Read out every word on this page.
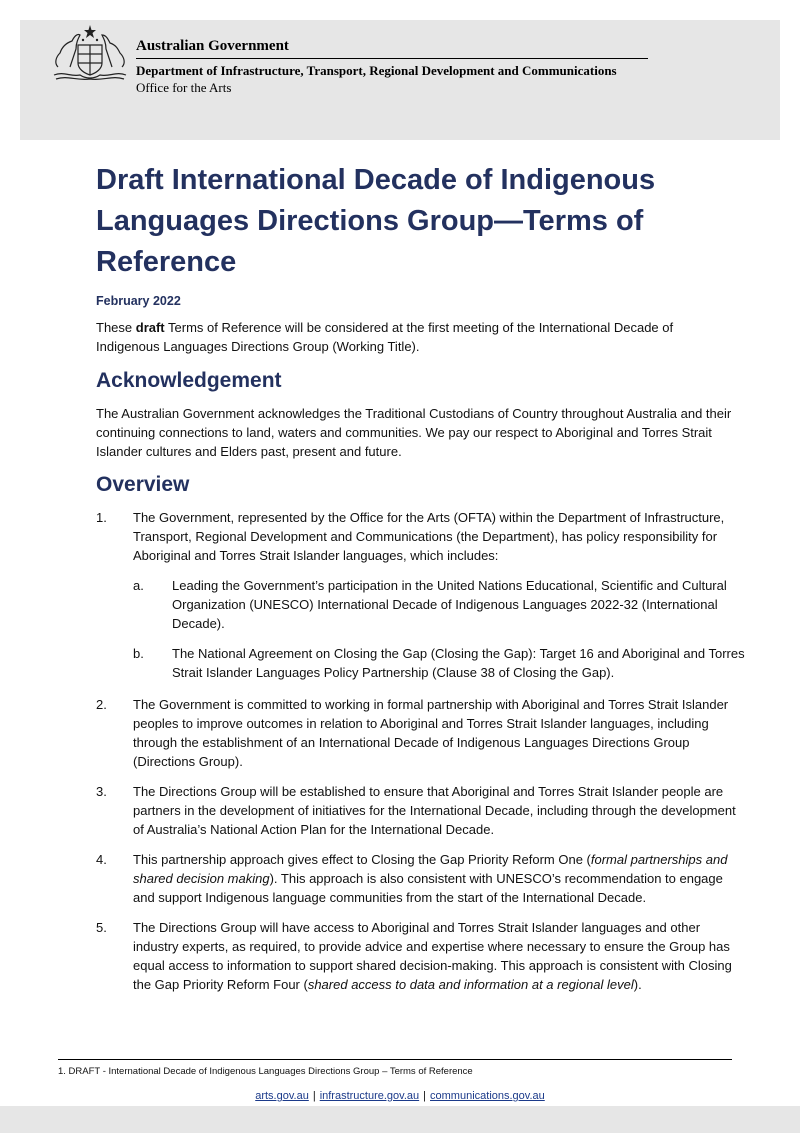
Australian Government
Department of Infrastructure, Transport, Regional Development and Communications
Office for the Arts
Draft International Decade of Indigenous Languages Directions Group—Terms of Reference
February 2022

These draft Terms of Reference will be considered at the first meeting of the International Decade of Indigenous Languages Directions Group (Working Title).

Acknowledgement

The Australian Government acknowledges the Traditional Custodians of Country throughout Australia and their continuing connections to land, waters and communities. We pay our respect to Aboriginal and Torres Strait Islander cultures and Elders past, present and future.

Overview
1.	The Government, represented by the Office for the Arts (OFTA) within the Department of Infrastructure, Transport, Regional Development and Communications (the Department), has policy responsibility for Aboriginal and Torres Strait Islander languages, which includes:
a.	Leading the Government’s participation in the United Nations Educational, Scientific and Cultural Organization (UNESCO) International Decade of Indigenous Languages 2022-32 (International Decade).
b.	The National Agreement on Closing the Gap (Closing the Gap): Target 16 and Aboriginal and Torres Strait Islander Languages Policy Partnership (Clause 38 of Closing the Gap).
2.	The Government is committed to working in formal partnership with Aboriginal and Torres Strait Islander peoples to improve outcomes in relation to Aboriginal and Torres Strait Islander languages, including through the establishment of an International Decade of Indigenous Languages Directions Group (Directions Group).
3.	The Directions Group will be established to ensure that Aboriginal and Torres Strait Islander people are partners in the development of initiatives for the International Decade, including through the development of Australia’s National Action Plan for the International Decade.
4.	This partnership approach gives effect to Closing the Gap Priority Reform One (formal partnerships and shared decision making). This approach is also consistent with UNESCO’s recommendation to engage and support Indigenous language communities from the start of the International Decade.
5.	The Directions Group will have access to Aboriginal and Torres Strait Islander languages and other industry experts, as required, to provide advice and expertise where necessary to ensure the Group has equal access to information to support shared decision-making. This approach is consistent with Closing the Gap Priority Reform Four (shared access to data and information at a regional level).
1. DRAFT - International Decade of Indigenous Languages Directions Group – Terms of Reference
arts.gov.au | infrastructure.gov.au | communications.gov.au
